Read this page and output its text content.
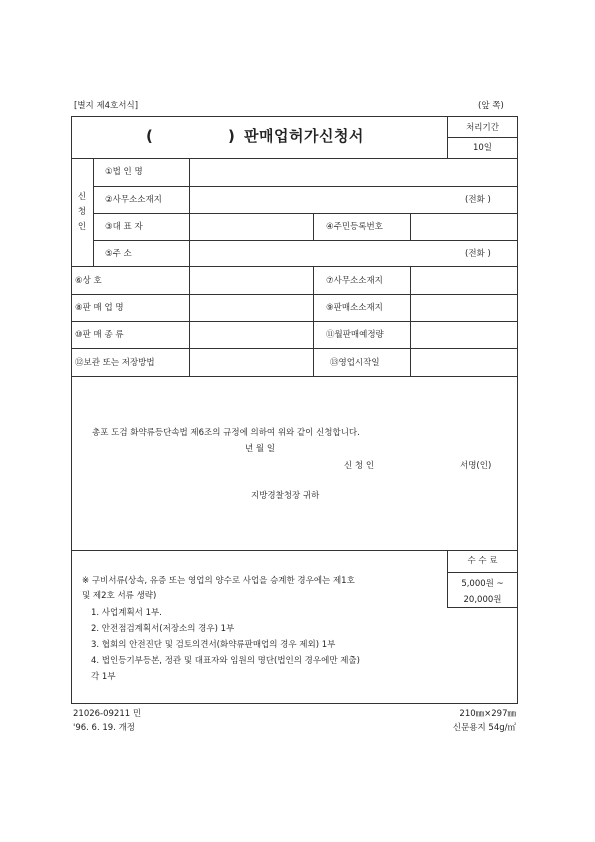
[별지 제4호서식]	(앞 쪽)
(	) 판매업허가신청서	처리기간
10일
신
청
인
①법 인 명
②사무소소재지	(전화 )
③대 표 자	④주민등록번호
⑤주 소	(전화 )
⑥상 호	⑦사무소소재지
⑧판 매 업 명	⑨판매소소재지
⑩판 매 종 류	⑪월판매예정량
⑫보관 또는 저장방법	⑬영업시작일
총포 도검 화약류등단속법 제6조의 규정에 의하여 위와 같이 신청합니다.
년 월 일
신 청 인	서명(인)
지방경찰청장 귀하
수 수 료
5,000원 ~
20,000원
※ 구비서류(상속, 유증 또는 영업의 양수로 사업을 승계한 경우에는 제1호
및 제2호 서류 생략)
1. 사업계획서 1부.
2. 안전점검계획서(저장소의 경우) 1부
3. 협회의 안전진단 및 검토의견서(화약류판매업의 경우 제외) 1부
4. 법인등기부등본, 정관 및 대표자와 임원의 명단(법인의 경우에만 제출)
각 1부
21026-09211 민
'96. 6. 19. 개정
210㎜×297㎜
신문용지 54g/㎡
